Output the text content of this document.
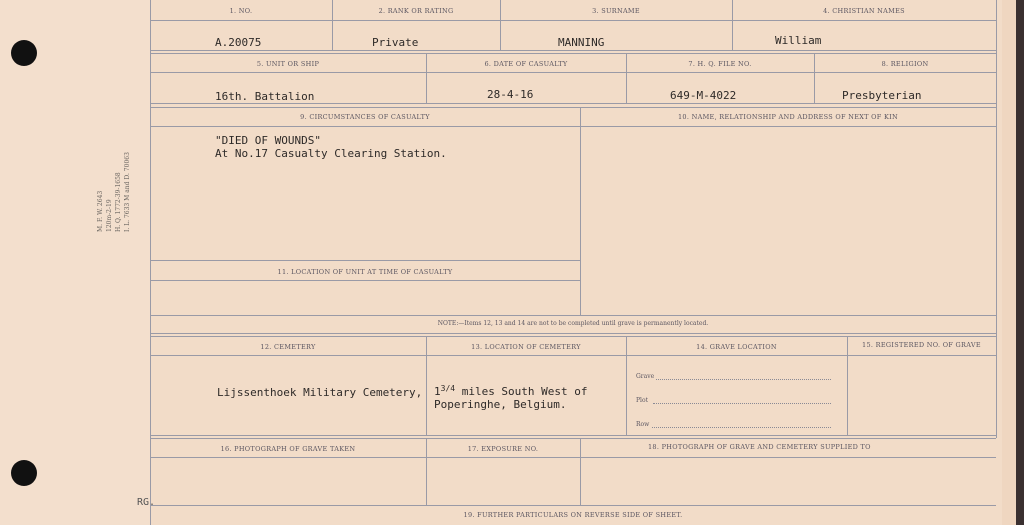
M. F. W. 2643 120m-2-19 H. Q. 1772-39-1658 I. L. 7633 M and D. 70063
RG.
1. NO.	2. RANK OR RATING	3. SURNAME	4. CHRISTIAN NAMES
A.20075	Private	MANNING	William
5. UNIT OR SHIP	6. DATE OF CASUALTY	7. H. Q. FILE NO.	8. RELIGION
16th. Battalion	28-4-16	649-M-4022	Presbyterian
9. CIRCUMSTANCES OF CASUALTY	10. NAME, RELATIONSHIP AND ADDRESS OF NEXT OF KIN
"DIED OF WOUNDS"
At No.17 Casualty Clearing Station.
11. LOCATION OF UNIT AT TIME OF CASUALTY
NOTE:—Items 12, 13 and 14 are not to be completed until grave is permanently located.
12. CEMETERY	13. LOCATION OF CEMETERY	14. GRAVE LOCATION	15. REGISTERED NO. OF GRAVE
Lijssenthoek Military Cemetery, $1^{3/4}$ miles South West of
Poperinghe, Belgium.
Grave
Plot
Row
16. PHOTOGRAPH OF GRAVE TAKEN	17. EXPOSURE NO.	18. PHOTOGRAPH OF GRAVE AND CEMETERY SUPPLIED TO
19. FURTHER PARTICULARS ON REVERSE SIDE OF SHEET.
